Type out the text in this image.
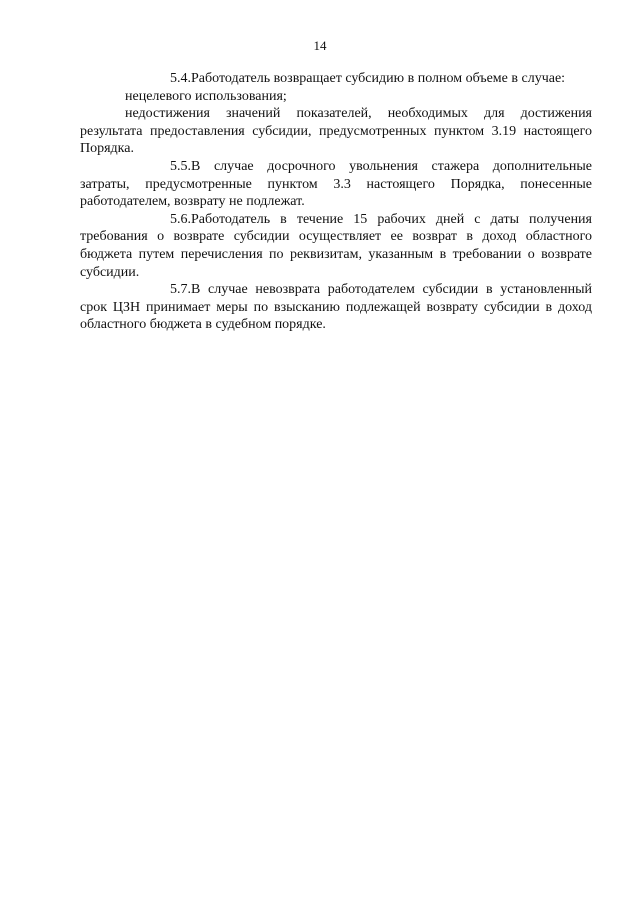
14

5.4.Работодатель возвращает субсидию в полном объеме в случае:

нецелевого использования;

недостижения значений показателей, необходимых для достижения результата предоставления субсидии, предусмотренных пунктом 3.19 настоящего Порядка.

5.5.В случае досрочного увольнения стажера дополнительные затраты, предусмотренные пунктом 3.3 настоящего Порядка, понесенные работодателем, возврату не подлежат.

5.6.Работодатель в течение 15 рабочих дней с даты получения требования о возврате субсидии осуществляет ее возврат в доход областного бюджета путем перечисления по реквизитам, указанным в требовании о возврате субсидии.

5.7.В случае невозврата работодателем субсидии в установленный срок ЦЗН принимает меры по взысканию подлежащей возврату субсидии в доход областного бюджета в судебном порядке.
